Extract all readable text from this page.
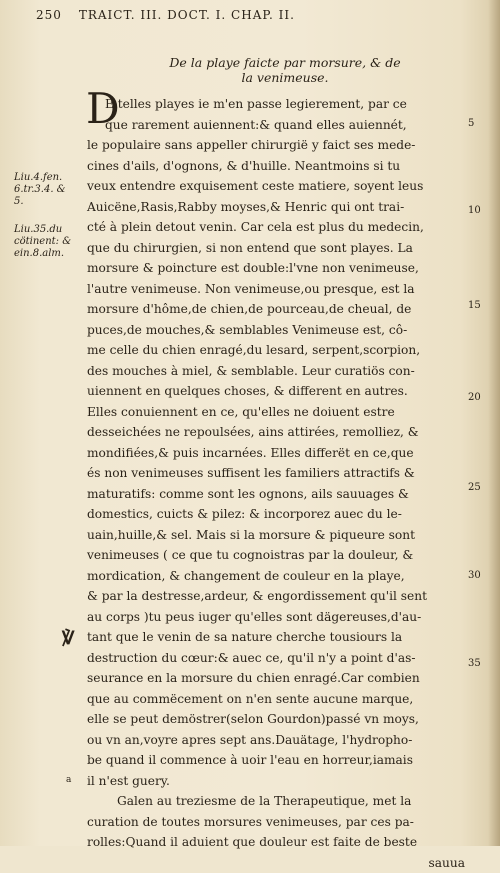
250 TRAICT. III. DOCT. I. CHAP. II.
De la playe faicte par morsure, & de
la venimeuse.
D
E telles playes ie m'en passe legierement, par ce
que rarement auiennent:& quand elles auiennét,
le populaire sans appeller chirurgië y faict ses mede-
cines d'ails, d'ognons, & d'huille. Neantmoins si tu
veux entendre exquisement ceste matiere, soyent leus
Auicëne,Rasis,Rabby moyses,& Henric qui ont trai-
cté à plein detout venin. Car cela est plus du medecin,
que du chirurgien, si non entend que sont playes. La
morsure & poincture est double:l'vne non venimeuse,
l'autre venimeuse. Non venimeuse,ou presque, est la
morsure d'hôme,de chien,de pourceau,de cheual, de
puces,de mouches,& semblables Venimeuse est, cô-
me celle du chien enragé,du lesard, serpent,scorpion,
des mouches à miel, & semblable. Leur curatiös con-
uiennent en quelques choses, & different en autres.
Elles conuiennent en ce, qu'elles ne doiuent estre
desseichées ne repoulsées, ains attirées, remolliez, &
mondifiées,& puis incarnées. Elles differët en ce,que
és non venimeuses suffisent les familiers attractifs &
maturatifs: comme sont les ognons, ails sauuages &
domestics, cuicts & pilez: & incorporez auec du le-
uain,huille,& sel. Mais si la morsure & piqueure sont
venimeuses ( ce que tu cognoistras par la douleur, &
mordication, & changement de couleur en la playe,
& par la destresse,ardeur, & engordissement qu'il sent
au corps )tu peus iuger qu'elles sont dägereuses,d'au-
tant que le venin de sa nature cherche tousiours la
destruction du cœur:& auec ce, qu'il n'y a point d'as-
seurance en la morsure du chien enragé.Car combien
que au commëcement on n'en sente aucune marque,
elle se peut demöstrer(selon Gourdon)passé vn moys,
ou vn an,voyre apres sept ans.Dauätage, l'hydropho-
be quand il commence à uoir l'eau en horreur,iamais
il n'est guery.
Galen au treziesme de la Therapeutique, met la
curation de toutes morsures venimeuses, par ces pa-
rolles:Quand il aduient que douleur est faite de beste
sauua
Liu.4.fen.
6.tr.3.4. &
5.
Liu.35.du
cötinent: &
ein.8.alm.
5
10
15
20
25
30
35
a
℣
